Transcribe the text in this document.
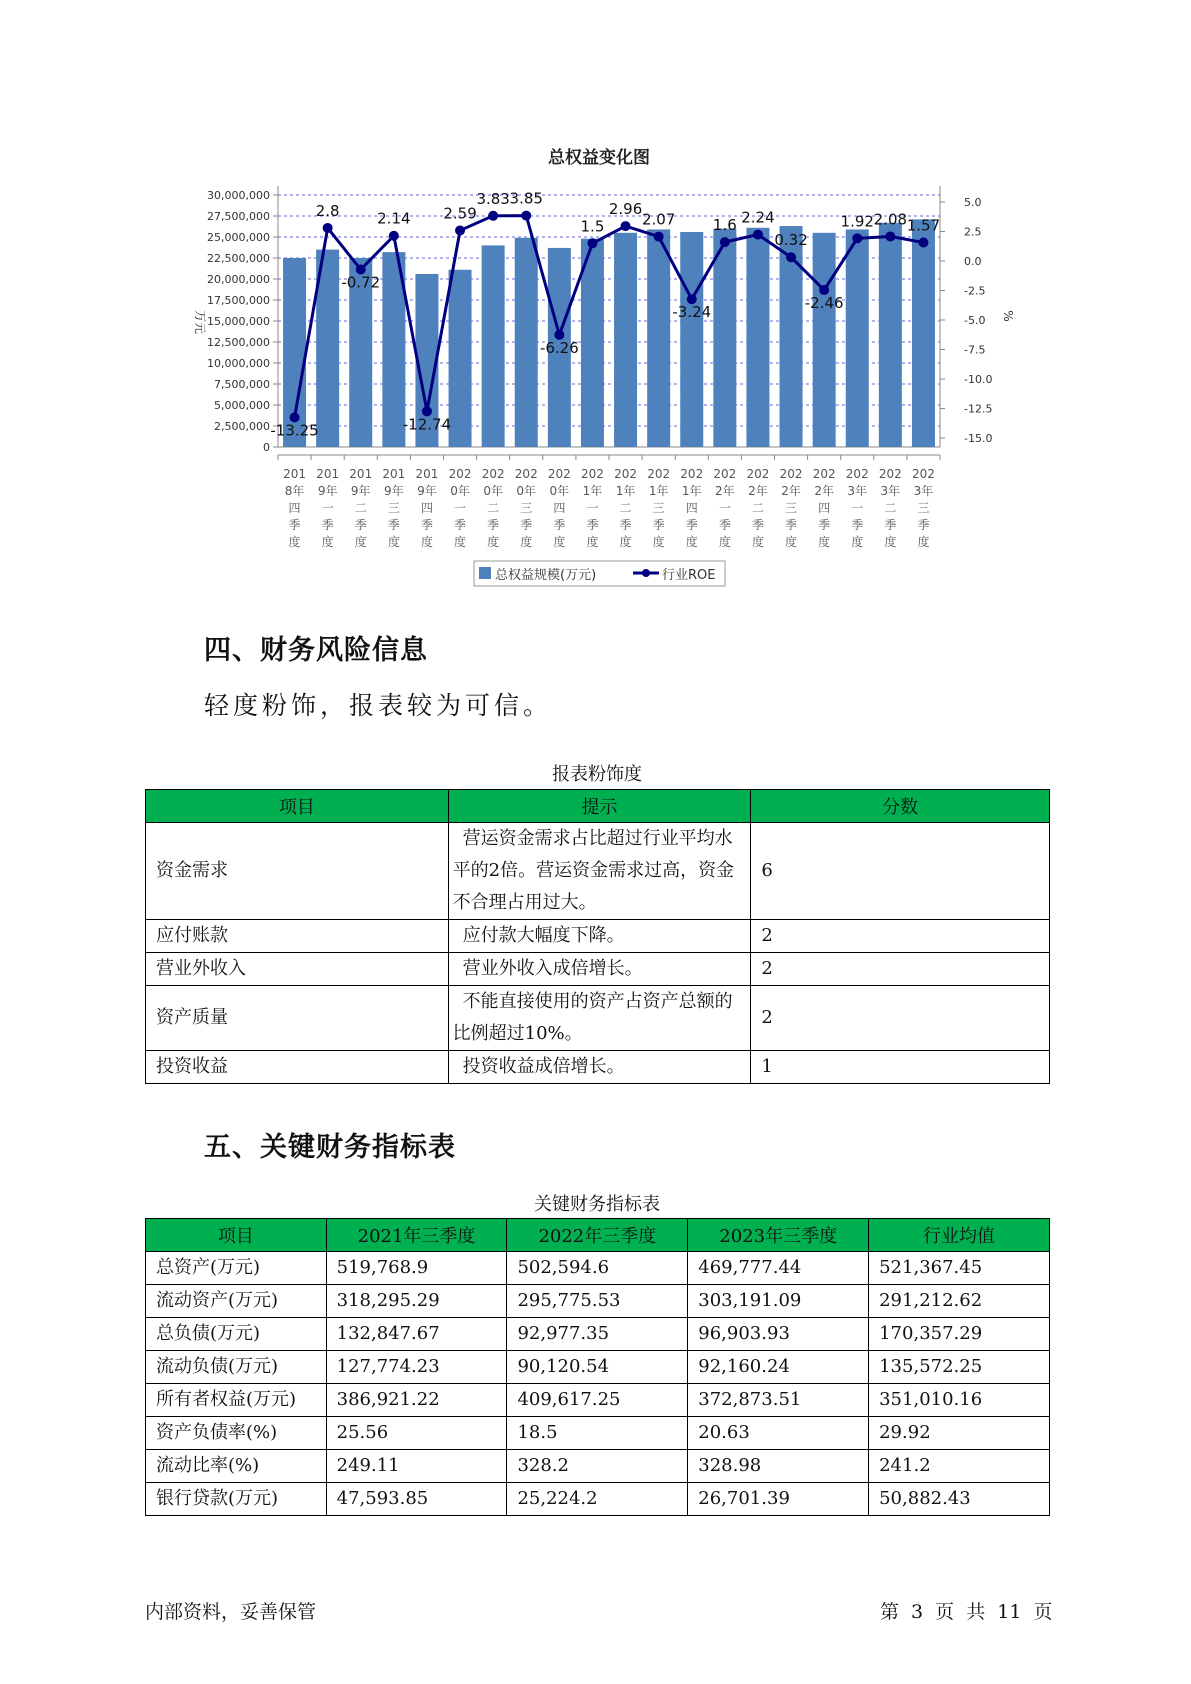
总权益变化图
30,000,000
27,500,000
25,000,000
22,500,000
20,000,000
17,500,000
15,000,000
12,500,000
10,000,000
7,500,000
5,000,000
2,500,000
0
5.0
2.5
0.0
-2.5
-5.0
-7.5
-10.0
-12.5
-15.0
-13.25
2.8
-0.72
2.14
-12.74
2.59
3.83 3.85
-6.26
1.5
2.96
2.07
-3.24
1.6 2.24
0.32
-2.46
1.92 2.08 1.57
201 8年四季度
201 9年一季度
201 9年二季度
201 9年三季度
201 9年四季度
202 0年一季度
202 0年二季度
202 0年三季度
202 0年四季度
202 1年一季度
202 1年二季度
202 1年三季度
202 1年四季度
202 2年一季度
202 2年二季度
202 2年三季度
202 2年四季度
202 3年一季度
202 3年二季度
202 3年三季度
万元	%
总权益规模(万元)	行业ROE
四、财务风险信息

轻度粉饰，报表较为可信。

报表粉饰度

项目	提示	分数
资金需求	营运资金需求占比超过行业平均水平的2倍。营运资金需求过高，资金不合理占用过大。	6
应付账款	应付款大幅度下降。	2
营业外收入	营业外收入成倍增长。	2
资产质量	不能直接使用的资产占资产总额的比例超过10%。	2
投资收益	投资收益成倍增长。	1
五、关键财务指标表

关键财务指标表

项目	2021年三季度	2022年三季度	2023年三季度	行业均值
总资产(万元)	519,768.9	502,594.6	469,777.44	521,367.45
流动资产(万元)	318,295.29	295,775.53	303,191.09	291,212.62
总负债(万元)	132,847.67	92,977.35	96,903.93	170,357.29
流动负债(万元)	127,774.23	90,120.54	92,160.24	135,572.25
所有者权益(万元)	386,921.22	409,617.25	372,873.51	351,010.16
资产负债率(%)	25.56	18.5	20.63	29.92
流动比率(%)	249.11	328.2	328.98	241.2
银行贷款(万元)	47,593.85	25,224.2	26,701.39	50,882.43

内部资料，妥善保管	第 3 页 共 11 页
